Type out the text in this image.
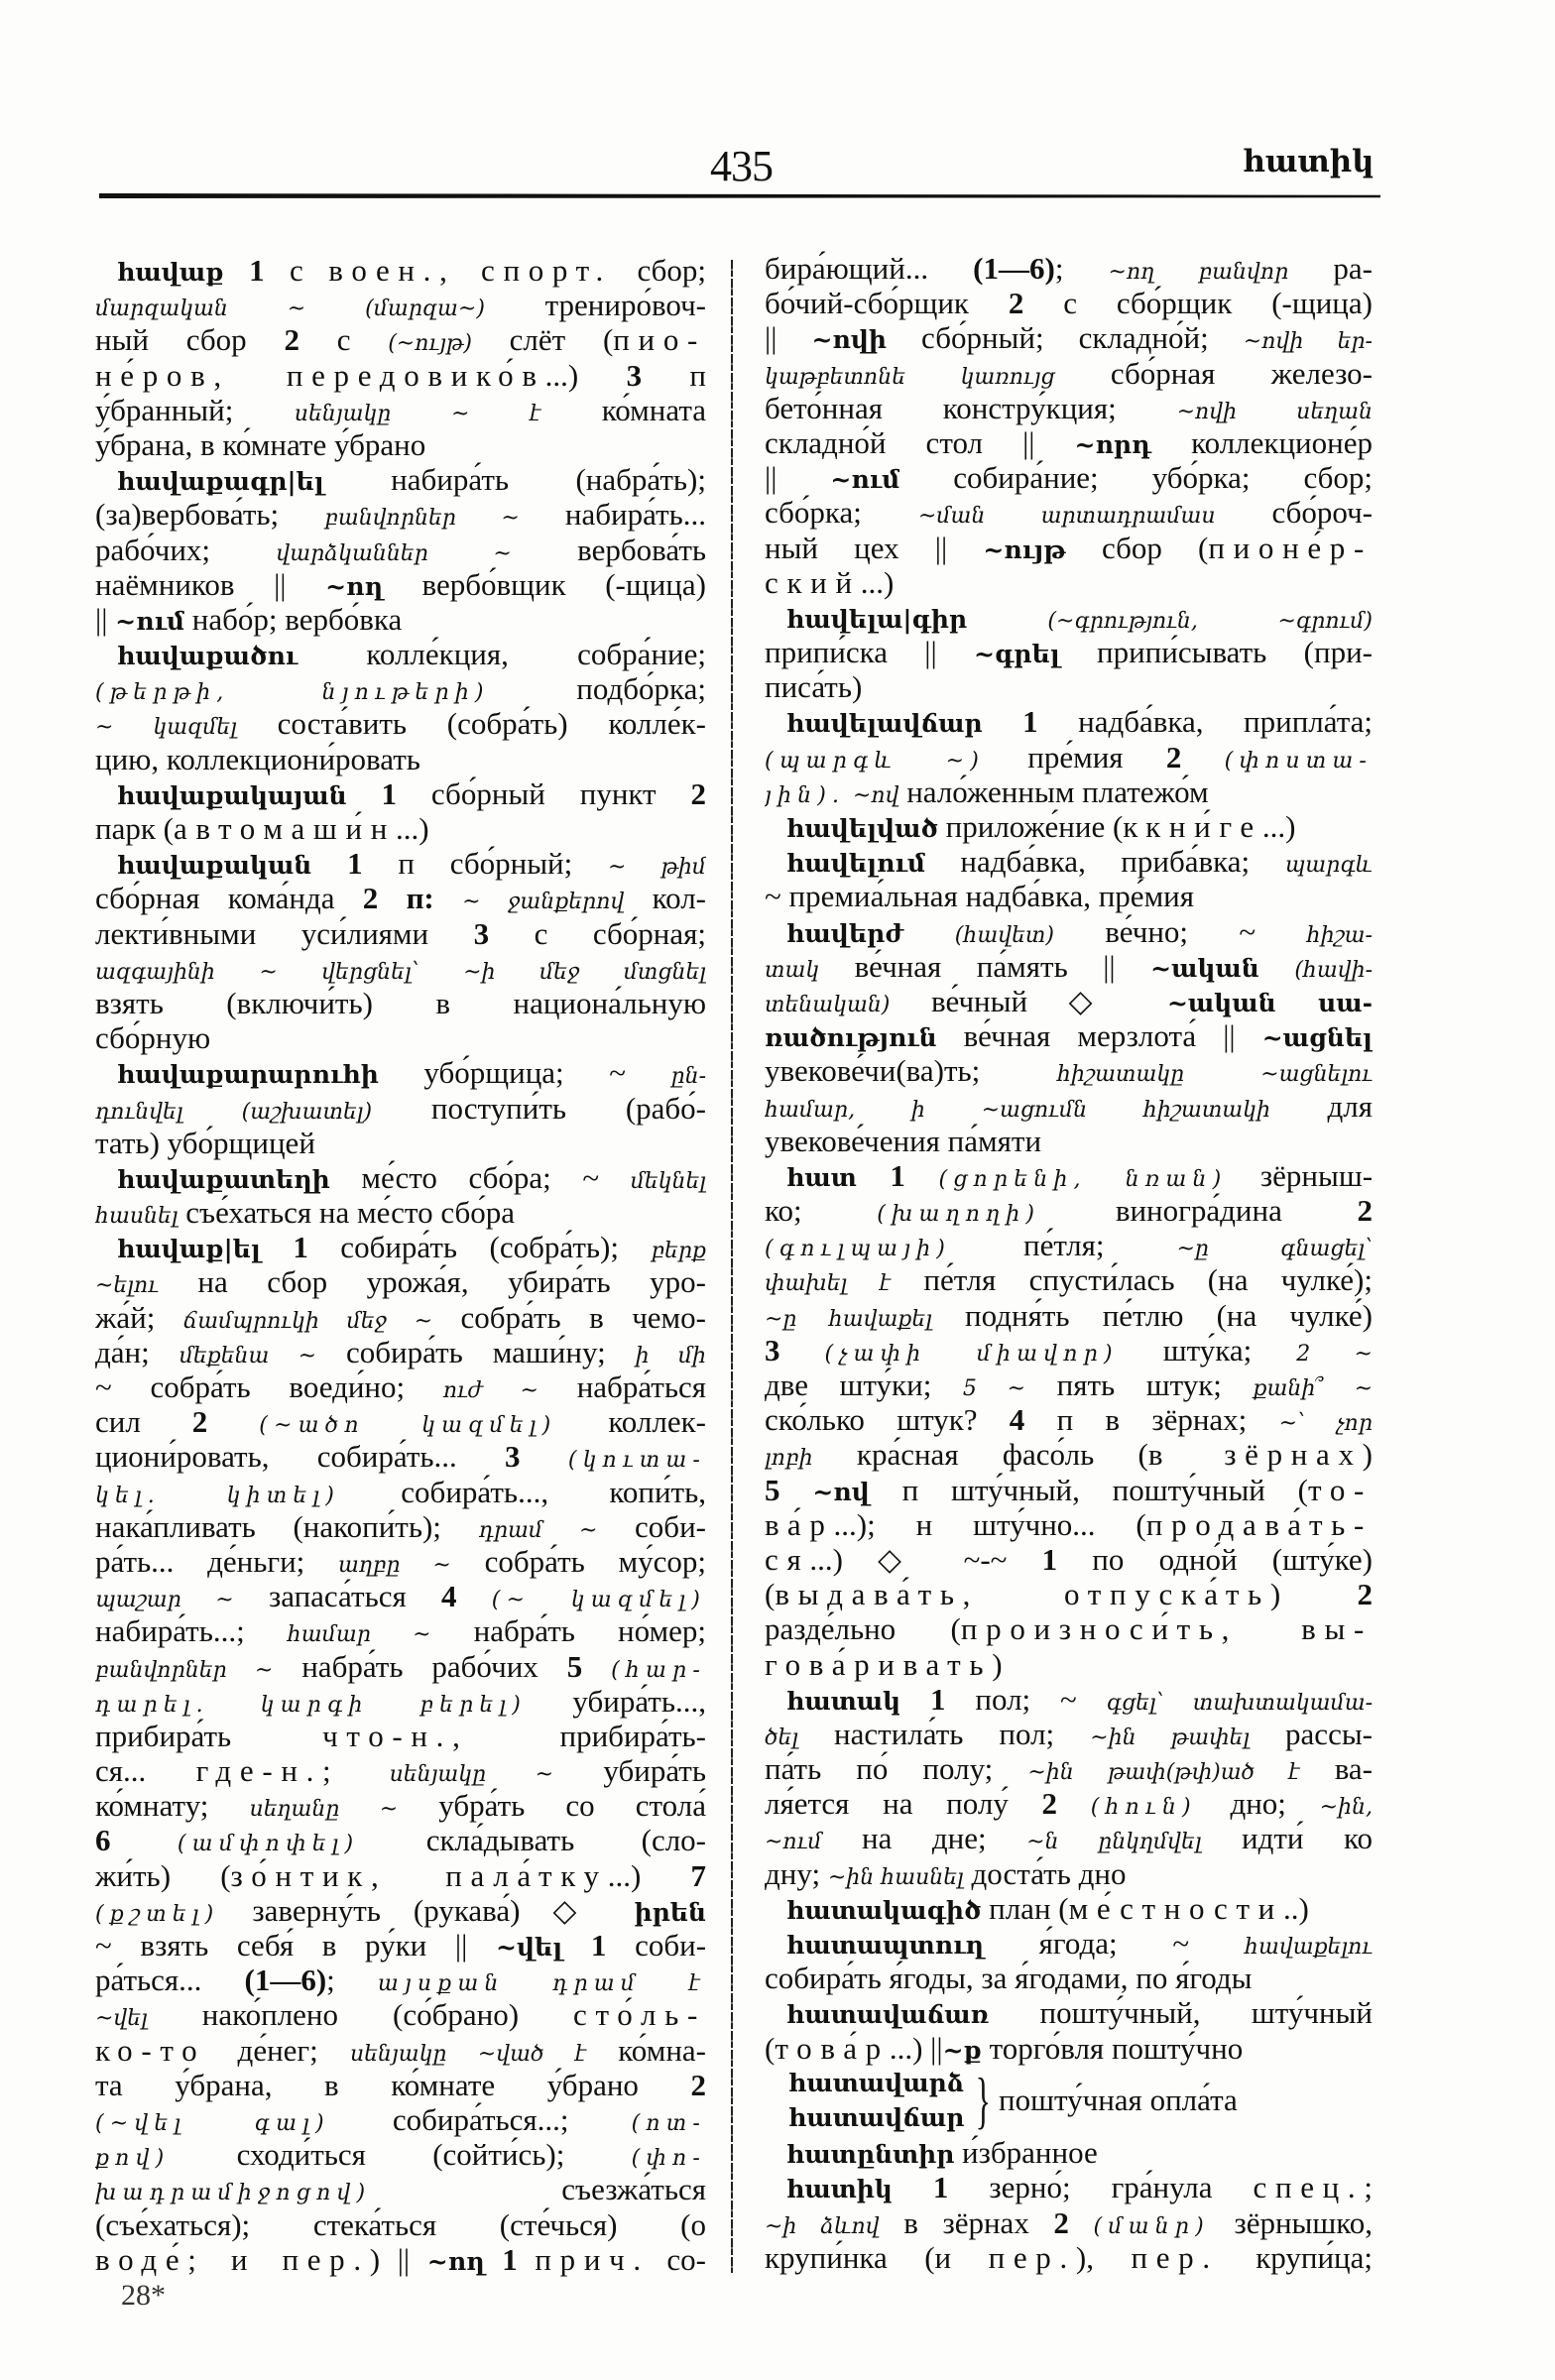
435	հատիկ
հավաք 1 с воен., спорт. сбор;
մարզական ~ (մարզա~) трениро́воч-
ный сбор 2 с (~ույթ) слёт (пио-
не́ров, передовико́в...) 3 п
у́бранный; սենյակը ~ է ко́мната
у́брана, в ко́мнате у́брано
հավաքագր|ել набира́ть (набра́ть);
(за)вербова́ть; բանվորներ ~ набира́ть...
рабо́чих; վարձկաններ ~ вербова́ть
наёмников || ~ող вербо́вщик (-щица)
|| ~ում набо́р; вербо́вка
հավաքածու колле́кция, собра́ние;
(թերթի, նյութերի) подбо́рка;
~ կազմել соста́вить (собра́ть) колле́к-
цию, коллекциони́ровать
հավաքակայան 1 сбо́рный пункт 2
парк (автомаши́н...)
հավաքական 1 п сбо́рный; ~ թիմ
сбо́рная кома́нда 2 п: ~ ջանքերով кол-
лекти́вными уси́лиями 3 с сбо́рная;
ազգայինի ~ վերցնել՝ ~ի մեջ մտցնել
взять (включи́ть) в национа́льную
сбо́рную
հավաքարարուհի убо́рщица; ~ ըն-
դունվել (աշխատել) поступи́ть (рабо́-
тать) убо́рщицей
հավաքատեղի ме́сто сбо́ра; ~ մեկնել
հասնել съе́хаться на ме́сто сбо́ра
հավաք|ել 1 собира́ть (собра́ть); բերք
~ելու на сбор урожа́я, убира́ть уро-
жа́й; ճամպրուկի մեջ ~ собра́ть в чемо-
да́н; մեքենա ~ собира́ть маши́ну; ի մի
~ собра́ть воеди́но; ուժ ~ набра́ться
сил 2 (~ածո կազմել) коллек-
циони́ровать, собира́ть... 3 (կուտա-
կել. կիտել) собира́ть..., копи́ть,
нака́пливать (накопи́ть); դրամ ~ соби-
ра́ть... де́ньги; աղբը ~ собра́ть му́сор;
պաշար ~ запаса́ться 4 (~ կազմել)
набира́ть...; համար ~ набра́ть но́мер;
բանվորներ ~ набра́ть рабо́чих 5 (հար-
դարել. կարգի բերել) убира́ть...,
прибира́ть что-н., прибира́ть-
ся... где-н.; սենյակը ~ убира́ть
ко́мнату; սեղանը ~ убра́ть со стола́
6	(ամփոփել) скла́дывать (сло-
жи́ть) (зо́нтик, пала́тку...) 7
(քշտել) заверну́ть (рукава́) ◇ իրեն
~ взять себя́ в ру́ки || ~վել 1 соби-
ра́ться... (1—6); այսքան դրամ է
~վել нако́плено (со́брано) сто́ль-
ко-то де́нег; սենյակը ~ված է ко́мна-
та у́брана, в ко́мнате у́брано 2
(~վել գալ) собира́ться...; (ոտ-
քով) сходи́ться (сойти́сь); (փո-
խադրամիջոցով) съезжа́ться
(съе́хаться); стека́ться (сте́чься) (о
воде́; и пер.) || ~ող 1 прич. со-
бира́ющий... (1—6); ~ող բանվոր ра-
бо́чий-сбо́рщик 2 с сбо́рщик (-щица)
|| ~ովի сбо́рный; складно́й; ~ովի եր-
կաթբետոնե կառույց сбо́рная железо-
бето́нная констру́кция; ~ովի սեղան
складно́й стол || ~որդ коллекционе́р
|| ~ում собира́ние; убо́рка; сбор;
сбо́рка; ~ման արտադրամաս сбо́роч-
ный цех || ~ույթ сбор (пионе́р-
ский...)
հավելա|գիր	(~գրություն, ~գրում)
припи́ска || ~գրել припи́сывать (при-
писа́ть)
հավելավճար 1 надба́вка, припла́та;
(պարգև ~) пре́мия 2 (փոստա-
յին). ~ով нало́женным платежо́м
հավելված приложе́ние (к кни́ге...)
հավելում надба́вка, приба́вка; պարգև
~ премиа́льная надба́вка, пре́мия
հավերժ (հավետ) ве́чно; ~ հիշա-
տակ ве́чная па́мять || ~ական (հավի-
տենական) ве́чный ◇ ~ական սա-
ռածություն ве́чная мерзлота́ || ~ացնել
увекове́чи(ва)ть; հիշատակը ~ացնելու
համար, ի ~ացումն հիշատակի для
увекове́чения па́мяти
հատ 1 (ցորենի, նռան) зёрныш-
ко; (խաղողի) виногра́дина 2
(գուլպայի) пе́тля; ~ը գնացել՝
փախել է пе́тля спусти́лась (на чулке́);
~ը հավաքել подня́ть пе́тлю (на чулке́)
3 (չափի միավոր) шту́ка; 2 ~
две шту́ки; 5 ~ пять штук; քանի՞ ~
ско́лько штук? 4 п в зёрнах; ~՝ չոր
լոբի кра́сная фасо́ль (в зёрнах)
5 ~ով п шту́чный, пошту́чный (то-
ва́р...); н шту́чно... (продава́ть-
ся...) ◇ ~-~ 1 по одно́й (шту́ке)
(выдава́ть, отпуска́ть) 2
разде́льно (произноси́ть, вы-
гова́ривать)
հատակ 1 пол; ~ գցել՝ տախտակամա-
ծել настила́ть пол; ~ին թափել рассы-
па́ть по́ полу; ~ին թափ(թփ)ած է ва-
ля́ется на полу́ 2 (հուն) дно; ~ին,
~ում на дне; ~ն ընկղմվել идти́ ко
дну; ~ին հասնել доста́ть дно
հատակագիծ план (ме́стности..)
հատապտուղ я́года; ~ հավաքելու
собира́ть я́годы, за я́годами, по я́годы
հատավաճառ пошту́чный, шту́чный
(това́р...) ||~ք торго́вля пошту́чно
հատավարձ
հատավճար } пошту́чная опла́та
հատընտիր и́збранное
հատիկ 1 зерно́; гра́нула спец.;
~ի ձևով в зёрнах 2 (մանր) зёрнышко,
крупи́нка (и пер.), пер. крупи́ца;
28*
